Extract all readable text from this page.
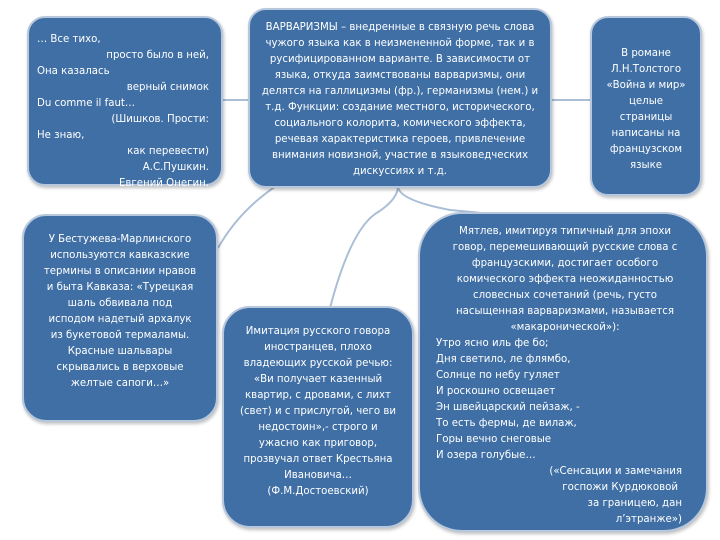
… Все тихо,
просто было в ней,
Она казалась
верный снимок
Du comme il faut…
(Шишков. Прости:
Не знаю,
как перевести)
А.С.Пушкин.
Евгений Онегин.
ВАРВАРИЗМЫ – внедренные в связную речь слова
чужого языка как в неизмененной форме, так и в
русифицированном варианте. В зависимости от
языка, откуда заимствованы варваризмы, они
делятся на галлицизмы (фр.), германизмы (нем.) и
т.д. Функции: создание местного, исторического,
социального колорита, комического эффекта,
речевая характеристика героев, привлечение
внимания новизной, участие в языковедческих
дискуссиях и т.д.
В романе
Л.Н.Толстого
«Война и мир»
целые
страницы
написаны на
французском
языке
У Бестужева-Марлинского
используются кавказские
термины в описании нравов
и быта Кавказа: «Турецкая
шаль обвивала под
исподом надетый архалук
из букетовой термаламы.
Красные шальвары
скрывались в верховые
желтые сапоги…»
Имитация русского говора
иностранцев, плохо
владеющих русской речью:
«Ви получает казенный
квартир, с дровами, с лихт
(свет) и с прислугой, чего ви
недостоин»,- строго и
ужасно как приговор,
прозвучал ответ Крестьяна
Ивановича…
(Ф.М.Достоевский)
Мятлев, имитируя типичный для эпохи
говор, перемешивающий русские слова с
французскими, достигает особого
комического эффекта неожиданностью
словесных сочетаний (речь, густо
насыщенная варваризмами, называется
«макаронической»):
Утро ясно иль фе бо;
Дня светило, ле флямбо,
Солнце по небу гуляет
И роскошно освещает
Эн швейцарский пейзаж, -
То есть фермы, де вилаж,
Горы вечно снеговые
И озера голубые…
(«Сенсации и замечания
госпожи Курдюковой
за границею, дан
л’этранже»)
